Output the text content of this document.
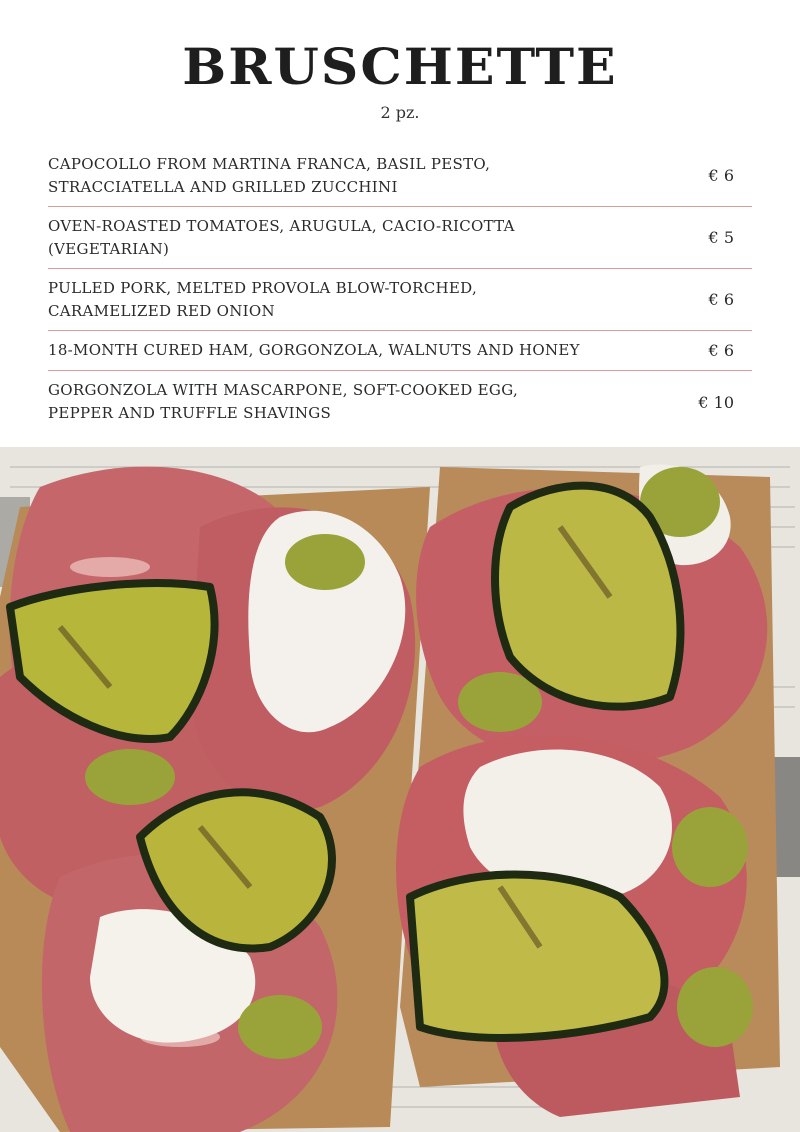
BRUSCHETTE

2 pz.

CAPOCOLLO FROM MARTINA FRANCA, BASIL PESTO,
STRACCIATELLA AND GRILLED ZUCCHINI
€ 6
OVEN-ROASTED TOMATOES, ARUGULA, CACIO-RICOTTA
(VEGETARIAN)
€ 5
PULLED PORK, MELTED PROVOLA BLOW-TORCHED,
CARAMELIZED RED ONION
€ 6
18-MONTH CURED HAM, GORGONZOLA, WALNUTS AND HONEY	€ 6
GORGONZOLA WITH MASCARPONE, SOFT-COOKED EGG,
PEPPER AND TRUFFLE SHAVINGS
€ 10
